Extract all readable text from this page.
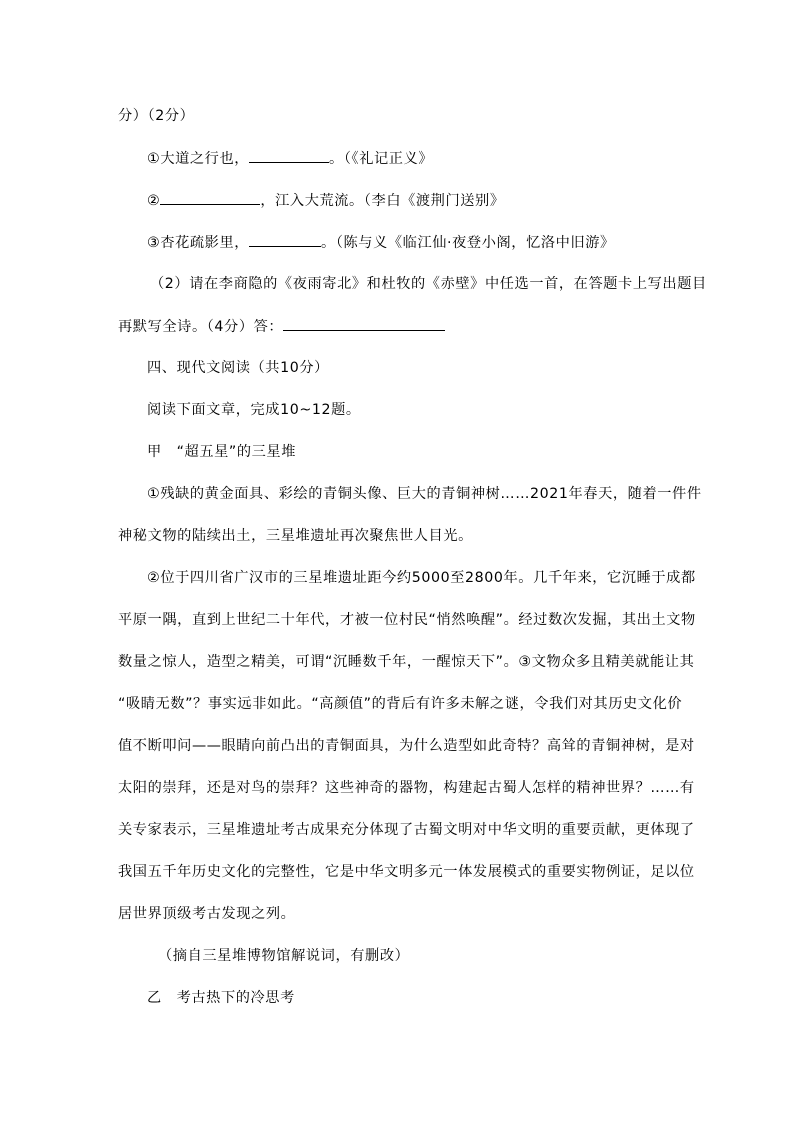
分）（2分）
①大道之行也，	。（《礼记正义》
②	，江入大荒流。（李白《渡荆门送别》
③杏花疏影里，	。（陈与义《临江仙·夜登小阁，忆洛中旧游》
（2）请在李商隐的《夜雨寄北》和杜牧的《赤壁》中任选一首，在答题卡上写出题目
再默写全诗。（4分）答：
四、现代文阅读（共10分）
阅读下面文章，完成10~12题。
甲　“超五星”的三星堆
①残缺的黄金面具、彩绘的青铜头像、巨大的青铜神树……2021年春天，随着一件件
神秘文物的陆续出土，三星堆遗址再次聚焦世人目光。
②位于四川省广汉市的三星堆遗址距今约5000至2800年。几千年来，它沉睡于成都
平原一隅，直到上世纪二十年代，才被一位村民“悄然唤醒”。经过数次发掘，其出土文物
数量之惊人，造型之精美，可谓“沉睡数千年，一醒惊天下”。③文物众多且精美就能让其
“吸睛无数”？事实远非如此。“高颜值”的背后有许多未解之谜，令我们对其历史文化价
值不断叩问——眼睛向前凸出的青铜面具，为什么造型如此奇特？高耸的青铜神树，是对
太阳的崇拜，还是对鸟的崇拜？这些神奇的器物，构建起古蜀人怎样的精神世界？……有
关专家表示，三星堆遗址考古成果充分体现了古蜀文明对中华文明的重要贡献，更体现了
我国五千年历史文化的完整性，它是中华文明多元一体发展模式的重要实物例证，足以位
居世界顶级考古发现之列。
（摘自三星堆博物馆解说词，有删改）
乙　考古热下的冷思考
